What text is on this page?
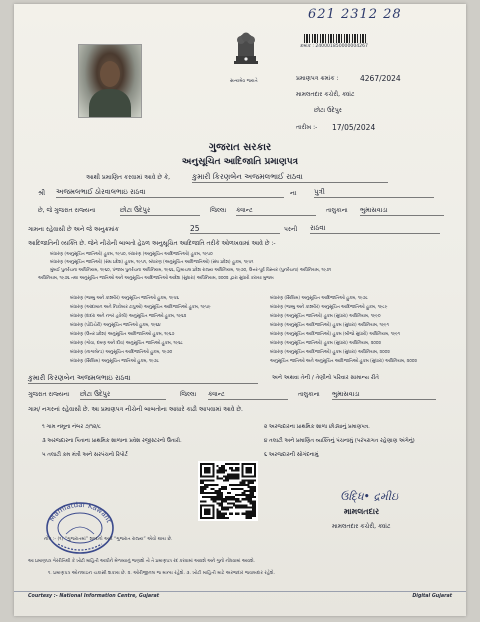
621 2312 28
સત્યમેવ જયતે
ક્રમાંક : 240001850000004267
પ્રમાણપત્ર ક્રમાંક :	4267/2024
મામલતદાર કચેરી, ક્વાંટ
છોટા ઉદેપુર
તારીખ :- 17/05/2024
ગુજરાત સરકાર
અનુસૂચિત આદિજાતિ પ્રમાણપત્ર
આથી પ્રમાણિત કરવામાં આવે છે કે,	કુમારી કિરણબેન અજમલભાઈ રાઠવા
શ્રી અજમલભાઈ ઠોરવાલભાઇ રાઠવા	ના	પુત્રી
છે, જે ગુજરાત રાજ્યના	છોટા ઉદેપુર	જિલ્લા ક્વાન્ટ	તાલુકાના ભુમાસવાડા
ગામના રહેવાસી છે અને જે અનુક્રમાંક	25	પરની રાઠવા
આદિજાતિની વ્યક્તિ છે. જેને નીચેની બાબતો હેઠળ અનુસૂચિત આદિજાતિ તરીકે ઓળખવામાં આવે છે :-
બંધારણ (અનુસૂચિત જાતિઓ) હુકમ, ૧૯૫૦, બંધારણ (અનુસૂચિત આદિજાતિઓ) હુકમ, ૧૯૫૦
બંધારણ (અનુસૂચિત જાતિઓ) (સંઘ પ્રદેશ) હુકમ, ૧૯૫૧, બંધારણ (અનુસૂચિત આદિજાતિઓ) (સંઘ પ્રદેશ) હુકમ, ૧૯૫૧
મુંબઈ પુનર્રચના અધિનિયમ, ૧૯૬૦, પંજાબ પુનર્રચના અધિનિયમ, ૧૯૬૬, હિમાચલ પ્રદેશ રાજ્ય અધિનિયમ, ૧૯૭૦, ઉત્તર-પૂર્વ વિસ્તાર (પુનર્રચના) અધિનિયમ, ૧૯૭૧
અધિનિયમ, ૧૯૭૬ તથા અનુસૂચિત જાતિઓ અને અનુસૂચિત આદિજાતિઓ આદેશ (સુધારા) અધિનિયમ, ૨૦૦૨ દ્વારા સુધારો કરાયા મુજબ
બંધારણ (જમ્મુ અને કાશ્મીર) અનુસૂચિત જાતિઓ હુકમ, ૧૯૫૬
બંધારણ (આંદામાન અને નિકોબાર ટાપુઓ) અનુસૂચિત આદિજાતિઓ હુકમ, ૧૯૫૯
બંધારણ (દાદરા અને નગર હવેલી) અનુસૂચિત જાતિઓ હુકમ, ૧૯૬૨
બંધારણ (પોંડિચેરી) અનુસૂચિત જાતિઓ હુકમ, ૧૯૬૪
બંધારણ (ઉત્તર પ્રદેશ) અનુસૂચિત આદિજાતિઓ હુકમ, ૧૯૬૭
બંધારણ (ગોવા, દમણ અને દીવ) અનુસૂચિત જાતિઓ હુકમ, ૧૯૬૮
બંધારણ (નાગાલેન્ડ) અનુસૂચિત આદિજાતિઓ હુકમ, ૧૯૭૦
બંધારણ (સિક્કિમ) અનુસૂચિત જાતિઓ હુકમ, ૧૯૭૮
બંધારણ (સિક્કિમ) અનુસૂચિત આદિજાતિઓ હુકમ, ૧૯૭૮
બંધારણ (જમ્મુ અને કાશ્મીર) અનુસૂચિત આદિજાતિઓ હુકમ, ૧૯૮૯
બંધારણ (અનુસૂચિત જાતિઓ) હુકમ (સુધારા) અધિનિયમ, ૧૯૯૦
બંધારણ (અનુસૂચિત આદિજાતિઓ) હુકમ (સુધારા) અધિનિયમ, ૧૯૯૧
બંધારણ (અનુસૂચિત આદિજાતિઓ) હુકમ (બીજો સુધારો) અધિનિયમ, ૧૯૯૧
બંધારણ (અનુસૂચિત જાતિઓ) હુકમ (સુધારા) અધિનિયમ, ૨૦૦૨
બંધારણ (અનુસૂચિત આદિજાતિઓ) હુકમ (સુધારા) અધિનિયમ, ૨૦૦૨
અનુસૂચિત જાતિઓ અને અનુસૂચિત આદિજાતિઓ હુકમ (સુધારા) અધિનિયમ, ૨૦૦૨
કુમારી કિરણબેન અજમલભાઇ રાઠવા	અને અથવા તેની / તેણીનો પરિવાર સામાન્ય રીતે
ગુજરાત રાજ્યના છોટા ઉદેપુર	જિલ્લા ક્વાન્ટ	તાલુકાના ભુમાસવાડા
ગામ/ નગરનાં રહેવાસી છે. આ પ્રમાણપત્ર નીચેની બાબતોના આધારે કાઢી આપવામાં આવે છે.
૧ ગામ નમૂના નંબર ૭/૧૨/૮	૨ અરજદારના પ્રાથમિક શાળા છોડ્યાનું પ્રમાણપત્ર.
૩ અરજદારના પિતાના પ્રાથમિક શાળાના પ્રવેશ રજીસ્ટરનો ઉતારો.	૪ તલાટી અને પ્રમાણિત વ્યક્તિનું પંચનામું (પરંપરાગત રહેણાણ અંગેનું)
૫ તલાટી કમ મંત્રી અને સરપંચનો રિપોર્ટ	૬ અરજદારની સોગંદનામું
Mamlatdar Kawant
ઉદ્ધિ• દ્રમીઇ
મામલતદાર
મામલતદાર કચેરી, ક્વાંટ
નોંધ :- (૧) “ગુજરાતમાં” શબ્દનો અર્થ “ગુજરાત રાજ્ય” એવો થાય છે.
આ પ્રમાણપત્ર ગેરરીતિથી કે ખોટી માહિતી આપીને મેળવ્યાનું જણાશે તો તે પ્રમાણપત્ર રદ કરવામાં આવશે અને ગુનો નોંધવામાં આવશે.
૧. પ્રમાણપત્ર ઓનલાઇન ચકાસી શકાય છે. ૨. ઓરીજીનલ જ માન્ય રહેશે. ૩. ખોટી માહિતી માટે અરજદાર જવાબદાર રહેશે.
Courtesy :- National Information Centre, Gujarat	Digital Gujarat
